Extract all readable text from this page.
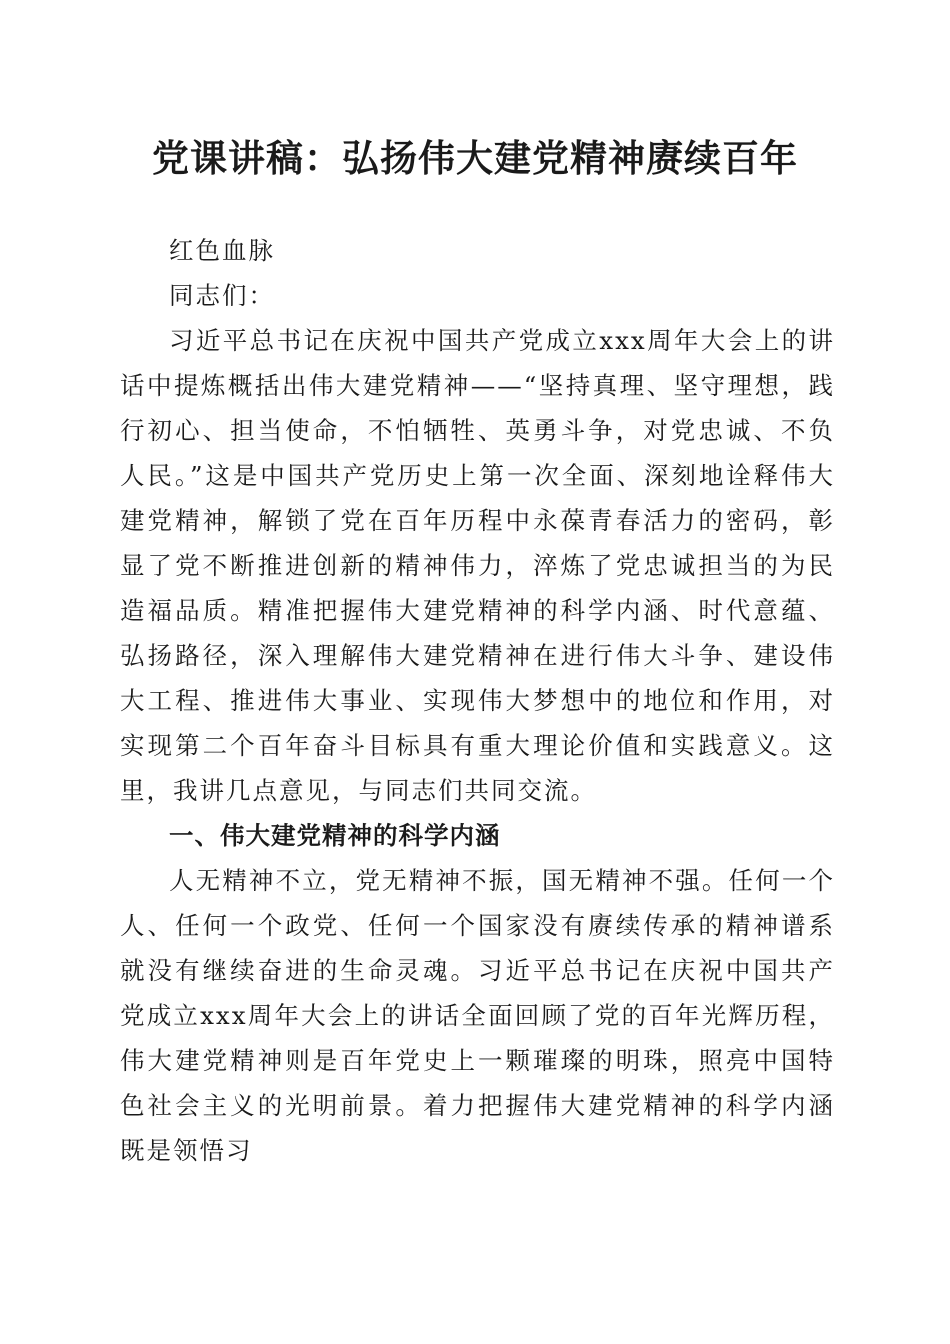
党课讲稿：弘扬伟大建党精神赓续百年

红色血脉

同志们：

习近平总书记在庆祝中国共产党成立xxx周年大会上的讲话中提炼概括出伟大建党精神——“坚持真理、坚守理想，践行初心、担当使命，不怕牺牲、英勇斗争，对党忠诚、不负人民。”这是中国共产党历史上第一次全面、深刻地诠释伟大建党精神，解锁了党在百年历程中永葆青春活力的密码，彰显了党不断推进创新的精神伟力，淬炼了党忠诚担当的为民造福品质。精准把握伟大建党精神的科学内涵、时代意蕴、弘扬路径，深入理解伟大建党精神在进行伟大斗争、建设伟大工程、推进伟大事业、实现伟大梦想中的地位和作用，对实现第二个百年奋斗目标具有重大理论价值和实践意义。这里，我讲几点意见，与同志们共同交流。

一、伟大建党精神的科学内涵

人无精神不立，党无精神不振，国无精神不强。任何一个人、任何一个政党、任何一个国家没有赓续传承的精神谱系就没有继续奋进的生命灵魂。习近平总书记在庆祝中国共产党成立xxx周年大会上的讲话全面回顾了党的百年光辉历程，伟大建党精神则是百年党史上一颗璀璨的明珠，照亮中国特色社会主义的光明前景。着力把握伟大建党精神的科学内涵既是领悟习
